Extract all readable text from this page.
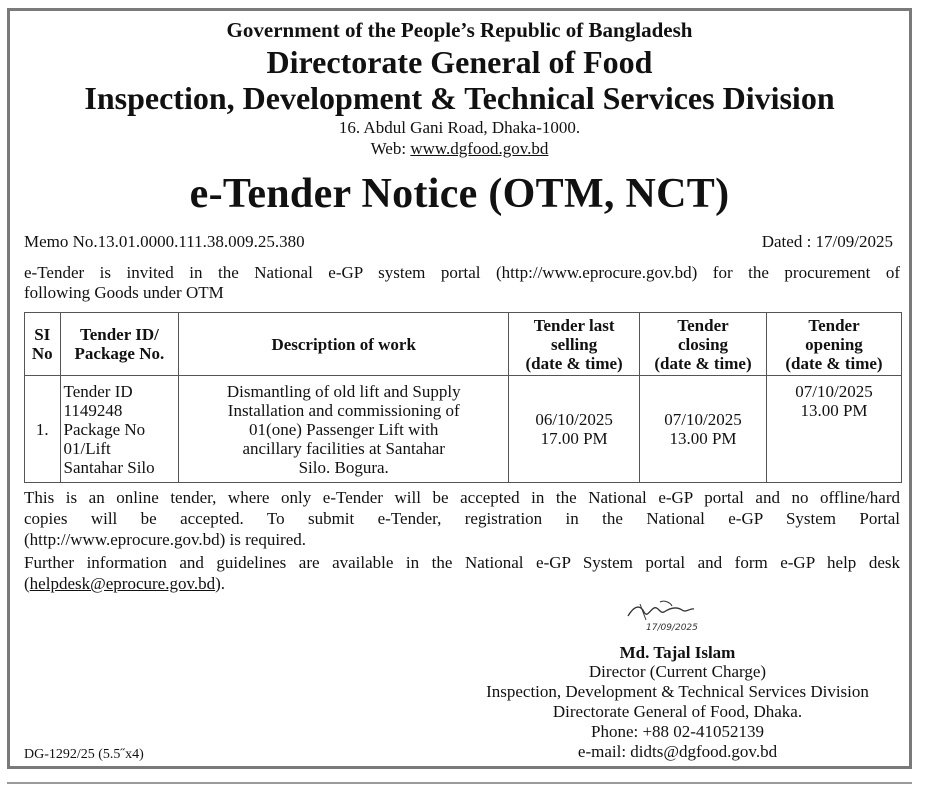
Government of the People’s Republic of Bangladesh
Directorate General of Food
Inspection, Development & Technical Services Division
16. Abdul Gani Road, Dhaka-1000.
Web: www.dgfood.gov.bd
e-Tender Notice (OTM, NCT)
Memo No.13.01.0000.111.38.009.25.380	Dated : 17/09/2025
e-Tender is invited in the National e-GP system portal (http://www.eprocure.gov.bd) for the procurement of
following Goods under OTM
SI
No	Tender ID/
Package No.	Description of work	Tender last
selling
(date & time)	Tender
closing
(date & time)	Tender
opening
(date & time)
1.	Tender ID
1149248
Package No
01/Lift
Santahar Silo	Dismantling of old lift and Supply
Installation and commissioning of
01(one) Passenger Lift with
ancillary facilities at Santahar
Silo. Bogura.	06/10/2025
17.00 PM	07/10/2025
13.00 PM	07/10/2025
13.00 PM
This is an online tender, where only e-Tender will be accepted in the National e-GP portal and no offline/hard
copies will be accepted. To submit e-Tender, registration in the National e-GP System Portal
(http://www.eprocure.gov.bd) is required.
Further information and guidelines are available in the National e-GP System portal and form e-GP help desk
(helpdesk@eprocure.gov.bd).
17/09/2025
Md. Tajal Islam
Director (Current Charge)
Inspection, Development & Technical Services Division
Directorate General of Food, Dhaka.
Phone: +88 02-41052139
e-mail: didts@dgfood.gov.bd
DG-1292/25 (5.5˝x4)
